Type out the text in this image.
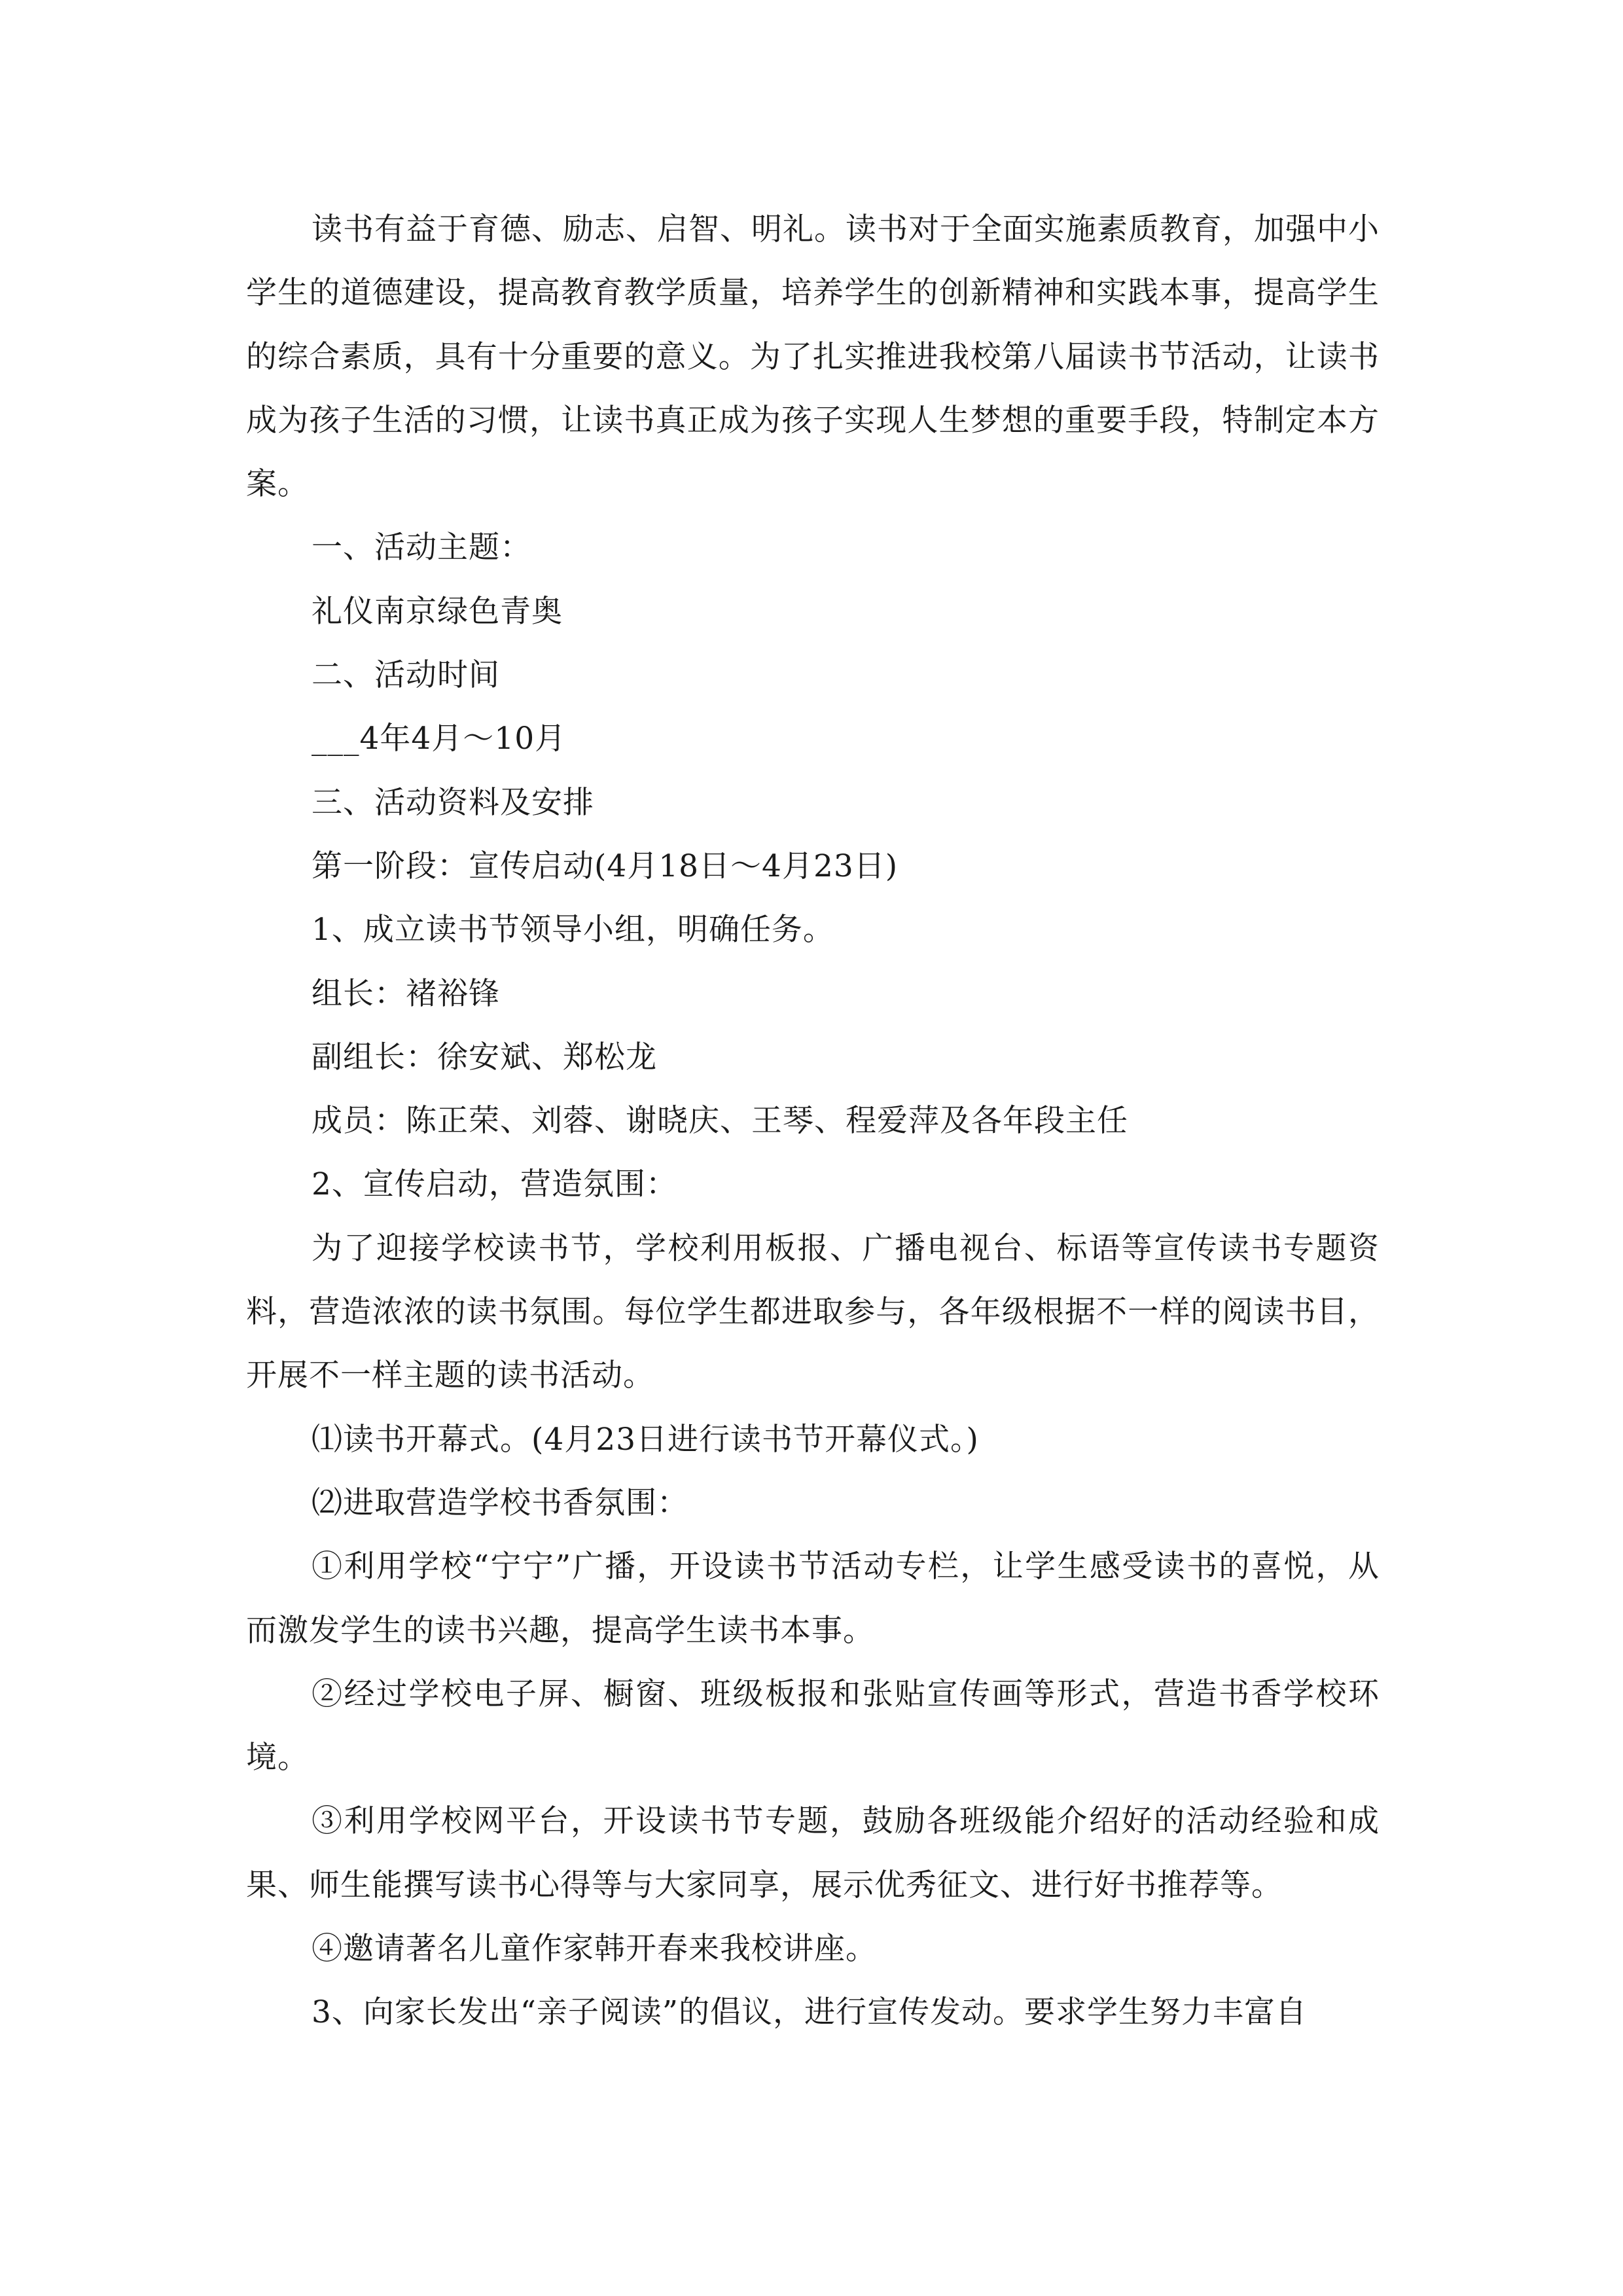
读书有益于育德、励志、启智、明礼。读书对于全面实施素质教育，加强中小学生的道德建设，提高教育教学质量，培养学生的创新精神和实践本事，提高学生的综合素质，具有十分重要的意义。为了扎实推进我校第八届读书节活动，让读书成为孩子生活的习惯，让读书真正成为孩子实现人生梦想的重要手段，特制定本方案。

一、活动主题：

礼仪南京绿色青奥

二、活动时间

___4年4月～10月

三、活动资料及安排

第一阶段：宣传启动(4月18日～4月23日)

1、成立读书节领导小组，明确任务。

组长：褚裕锋

副组长：徐安斌、郑松龙

成员：陈正荣、刘蓉、谢晓庆、王琴、程爱萍及各年段主任

2、宣传启动，营造氛围：

为了迎接学校读书节，学校利用板报、广播电视台、标语等宣传读书专题资料，营造浓浓的读书氛围。每位学生都进取参与，各年级根据不一样的阅读书目，开展不一样主题的读书活动。

⑴读书开幕式。(4月23日进行读书节开幕仪式。)

⑵进取营造学校书香氛围：

①利用学校“宁宁”广播，开设读书节活动专栏，让学生感受读书的喜悦，从而激发学生的读书兴趣，提高学生读书本事。

②经过学校电子屏、橱窗、班级板报和张贴宣传画等形式，营造书香学校环境。

③利用学校网平台，开设读书节专题，鼓励各班级能介绍好的活动经验和成果、师生能撰写读书心得等与大家同享，展示优秀征文、进行好书推荐等。

④邀请著名儿童作家韩开春来我校讲座。

3、向家长发出“亲子阅读”的倡议，进行宣传发动。要求学生努力丰富自
